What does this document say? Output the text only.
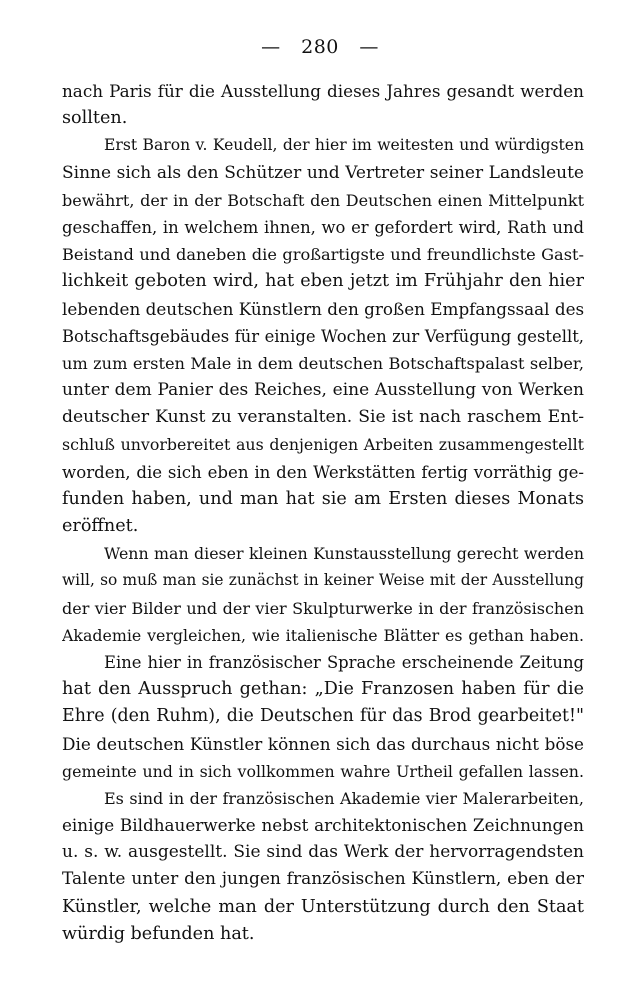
— 280 —
nach Paris für die Ausstellung dieses Jahres gesandt werden
sollten.
Erst Baron v. Keudell, der hier im weitesten und würdigsten
Sinne sich als den Schützer und Vertreter seiner Landsleute
bewährt, der in der Botschaft den Deutschen einen Mittelpunkt
geschaffen, in welchem ihnen, wo er gefordert wird, Rath und
Beistand und daneben die großartigste und freundlichste Gast-
lichkeit geboten wird, hat eben jetzt im Frühjahr den hier
lebenden deutschen Künstlern den großen Empfangssaal des
Botschaftsgebäudes für einige Wochen zur Verfügung gestellt,
um zum ersten Male in dem deutschen Botschaftspalast selber,
unter dem Panier des Reiches, eine Ausstellung von Werken
deutscher Kunst zu veranstalten. Sie ist nach raschem Ent-
schluß unvorbereitet aus denjenigen Arbeiten zusammengestellt
worden, die sich eben in den Werkstätten fertig vorräthig ge-
funden haben, und man hat sie am Ersten dieses Monats
eröffnet.
Wenn man dieser kleinen Kunstausstellung gerecht werden
will, so muß man sie zunächst in keiner Weise mit der Ausstellung
der vier Bilder und der vier Skulpturwerke in der französischen
Akademie vergleichen, wie italienische Blätter es gethan haben.
Eine hier in französischer Sprache erscheinende Zeitung
hat den Ausspruch gethan: „Die Franzosen haben für die
Ehre (den Ruhm), die Deutschen für das Brod gearbeitet!"
Die deutschen Künstler können sich das durchaus nicht böse
gemeinte und in sich vollkommen wahre Urtheil gefallen lassen.
Es sind in der französischen Akademie vier Malerarbeiten,
einige Bildhauerwerke nebst architektonischen Zeichnungen
u. s. w. ausgestellt. Sie sind das Werk der hervorragendsten
Talente unter den jungen französischen Künstlern, eben der
Künstler, welche man der Unterstützung durch den Staat
würdig befunden hat.
